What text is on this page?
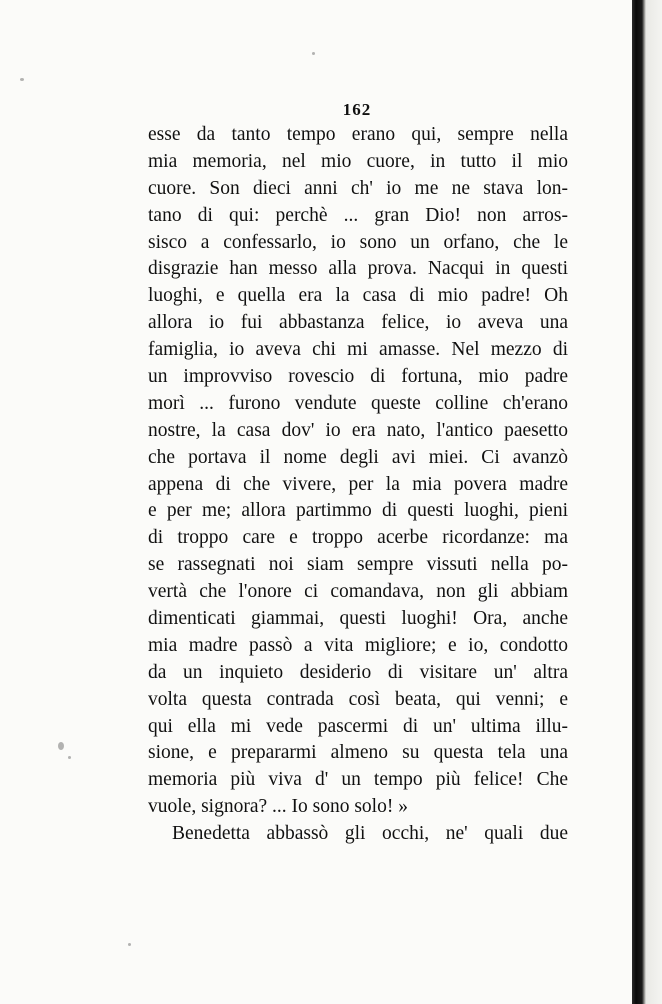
162
esse da tanto tempo erano qui, sempre nella
mia memoria, nel mio cuore, in tutto il mio
cuore. Son dieci anni ch' io me ne stava lon-
tano di qui: perchè ... gran Dio! non arros-
sisco a confessarlo, io sono un orfano, che le
disgrazie han messo alla prova. Nacqui in questi
luoghi, e quella era la casa di mio padre! Oh
allora io fui abbastanza felice, io aveva una
famiglia, io aveva chi mi amasse. Nel mezzo di
un improvviso rovescio di fortuna, mio padre
morì ... furono vendute queste colline ch'erano
nostre, la casa dov' io era nato, l'antico paesetto
che portava il nome degli avi miei. Ci avanzò
appena di che vivere, per la mia povera madre
e per me; allora partimmo di questi luoghi, pieni
di troppo care e troppo acerbe ricordanze: ma
se rassegnati noi siam sempre vissuti nella po-
vertà che l'onore ci comandava, non gli abbiam
dimenticati giammai, questi luoghi! Ora, anche
mia madre passò a vita migliore; e io, condotto
da un inquieto desiderio di visitare un' altra
volta questa contrada così beata, qui venni; e
qui ella mi vede pascermi di un' ultima illu-
sione, e prepararmi almeno su questa tela una
memoria più viva d' un tempo più felice! Che
vuole, signora? ... Io sono solo! »
Benedetta abbassò gli occhi, ne' quali due
